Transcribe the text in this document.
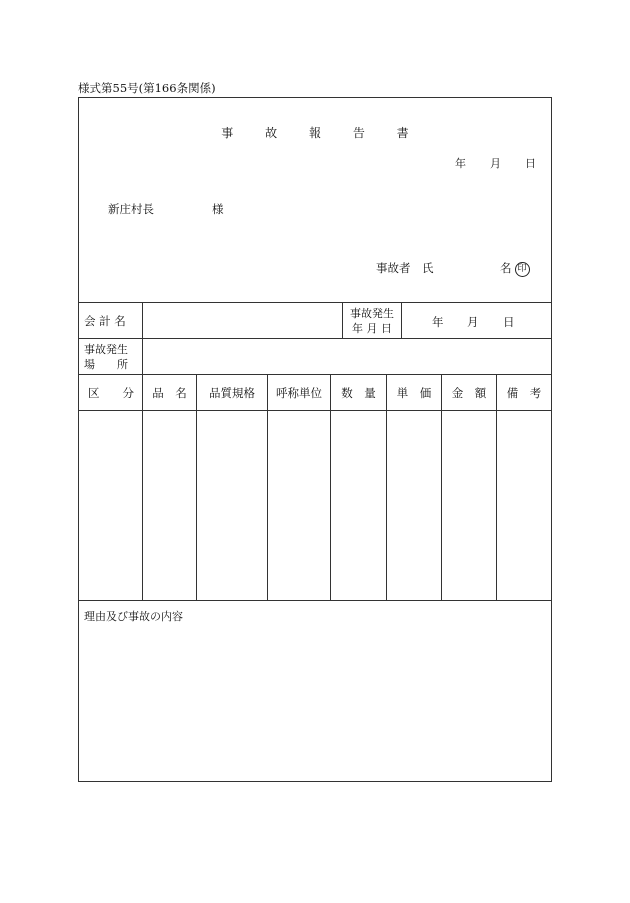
様式第55号(第166条関係)
事	故	報	告	書
年 月 日
新庄村長	様
事故者　氏	名 印
会 計 名
事故発生
年 月 日	年 月 日
事故発生
場　　所
区　　分	品　名	品質規格	呼称単位	数　量	単　価	金　額	備　考
理由及び事故の内容
